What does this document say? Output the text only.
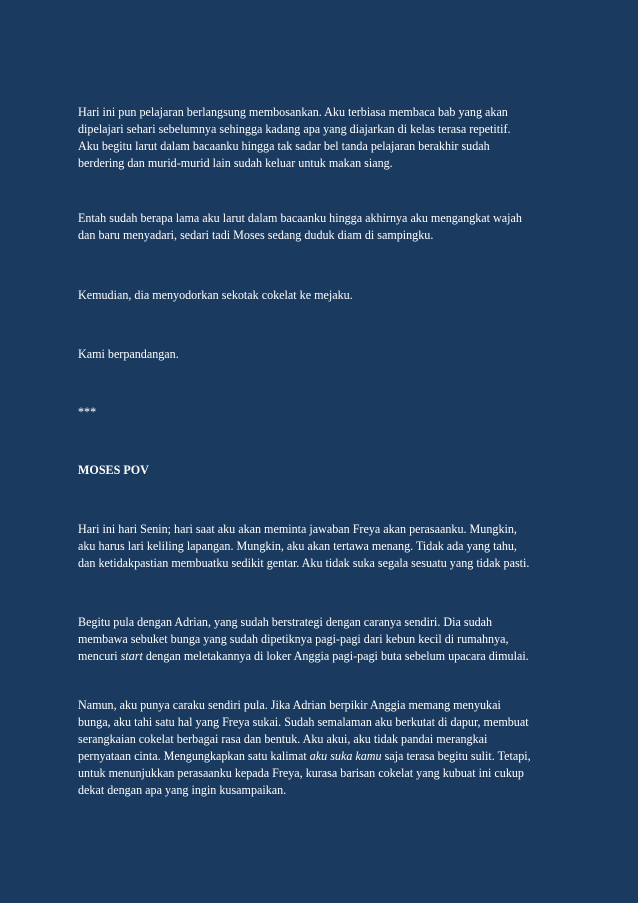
Hari ini pun pelajaran berlangsung membosankan. Aku terbiasa membaca bab yang akan
dipelajari sehari sebelumnya sehingga kadang apa yang diajarkan di kelas terasa repetitif.
Aku begitu larut dalam bacaanku hingga tak sadar bel tanda pelajaran berakhir sudah
berdering dan murid-murid lain sudah keluar untuk makan siang.

Entah sudah berapa lama aku larut dalam bacaanku hingga akhirnya aku mengangkat wajah
dan baru menyadari, sedari tadi Moses sedang duduk diam di sampingku.

Kemudian, dia menyodorkan sekotak cokelat ke mejaku.

Kami berpandangan.

***

MOSES POV

Hari ini hari Senin; hari saat aku akan meminta jawaban Freya akan perasaanku. Mungkin,
aku harus lari keliling lapangan. Mungkin, aku akan tertawa menang. Tidak ada yang tahu,
dan ketidakpastian membuatku sedikit gentar. Aku tidak suka segala sesuatu yang tidak pasti.

Begitu pula dengan Adrian, yang sudah berstrategi dengan caranya sendiri. Dia sudah
membawa sebuket bunga yang sudah dipetiknya pagi-pagi dari kebun kecil di rumahnya,
mencuri start dengan meletakannya di loker Anggia pagi-pagi buta sebelum upacara dimulai.

Namun, aku punya caraku sendiri pula. Jika Adrian berpikir Anggia memang menyukai
bunga, aku tahi satu hal yang Freya sukai. Sudah semalaman aku berkutat di dapur, membuat
serangkaian cokelat berbagai rasa dan bentuk. Aku akui, aku tidak pandai merangkai
pernyataan cinta. Mengungkapkan satu kalimat aku suka kamu saja terasa begitu sulit. Tetapi,
untuk menunjukkan perasaanku kepada Freya, kurasa barisan cokelat yang kubuat ini cukup
dekat dengan apa yang ingin kusampaikan.
